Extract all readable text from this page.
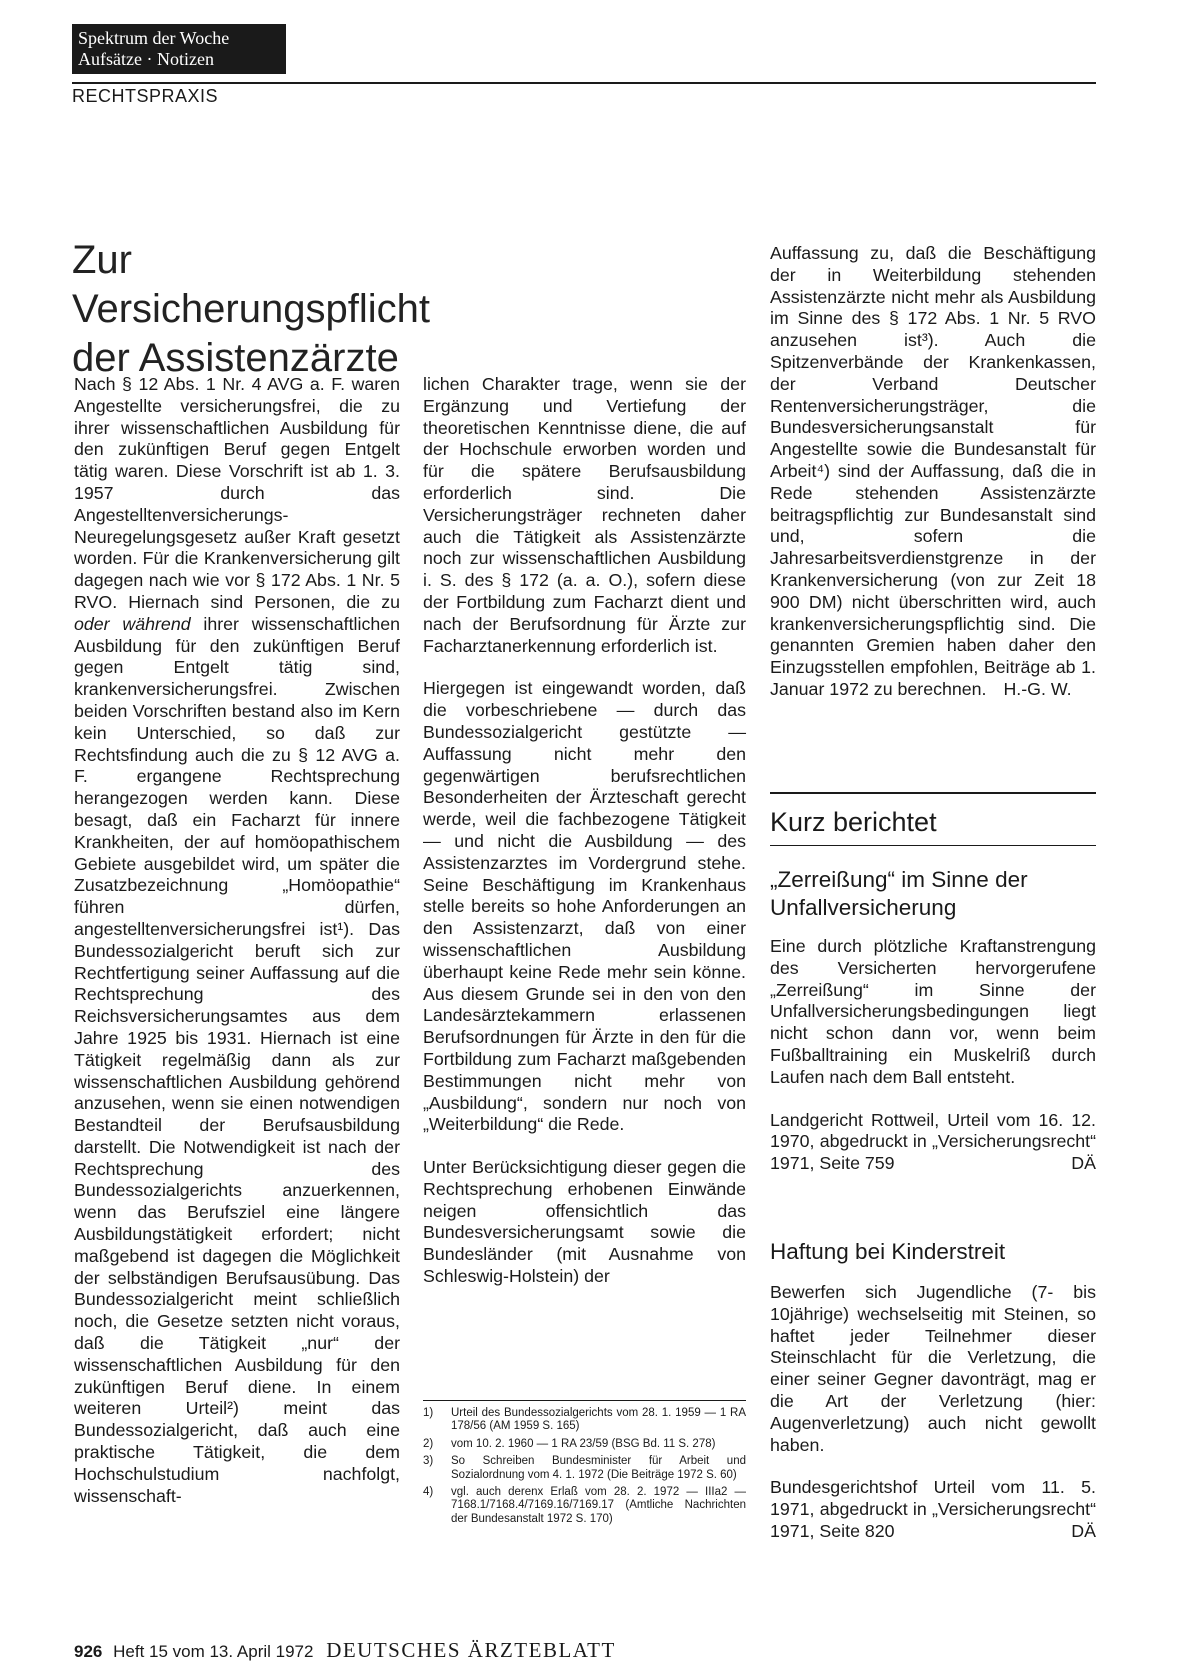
Spektrum der Woche
Aufsätze · Notizen
RECHTSPRAXIS
Zur Versicherungspflicht der Assistenzärzte

Nach § 12 Abs. 1 Nr. 4 AVG a. F. waren Angestellte versicherungsfrei, die zu ihrer wissenschaftlichen Ausbildung für den zukünftigen Beruf gegen Entgelt tätig waren. Diese Vorschrift ist ab 1. 3. 1957 durch das Angestelltenversicherungs-Neuregelungsgesetz außer Kraft gesetzt worden. Für die Krankenversicherung gilt dagegen nach wie vor § 172 Abs. 1 Nr. 5 RVO. Hiernach sind Personen, die zu oder während ihrer wissenschaftlichen Ausbildung für den zukünftigen Beruf gegen Entgelt tätig sind, krankenversicherungsfrei. Zwischen beiden Vorschriften bestand also im Kern kein Unterschied, so daß zur Rechtsfindung auch die zu § 12 AVG a. F. ergangene Rechtsprechung herangezogen werden kann. Diese besagt, daß ein Facharzt für innere Krankheiten, der auf homöopathischem Gebiete ausgebildet wird, um später die Zusatzbezeichnung „Homöopathie“ führen dürfen, angestelltenversicherungsfrei ist¹). Das Bundessozialgericht beruft sich zur Rechtfertigung seiner Auffassung auf die Rechtsprechung des Reichsversicherungsamtes aus dem Jahre 1925 bis 1931. Hiernach ist eine Tätigkeit regelmäßig dann als zur wissenschaftlichen Ausbildung gehörend anzusehen, wenn sie einen notwendigen Bestandteil der Berufsausbildung darstellt. Die Notwendigkeit ist nach der Rechtsprechung des Bundessozialgerichts anzuerkennen, wenn das Berufsziel eine längere Ausbildungstätigkeit erfordert; nicht maßgebend ist dagegen die Möglichkeit der selbständigen Berufsausübung. Das Bundessozialgericht meint schließlich noch, die Gesetze setzten nicht voraus, daß die Tätigkeit „nur“ der wissenschaftlichen Ausbildung für den zukünftigen Beruf diene. In einem weiteren Urteil²) meint das Bundessozialgericht, daß auch eine praktische Tätigkeit, die dem Hochschulstudium nachfolgt, wissenschaft-

lichen Charakter trage, wenn sie der Ergänzung und Vertiefung der theoretischen Kenntnisse diene, die auf der Hochschule erworben worden und für die spätere Berufsausbildung erforderlich sind. Die Versicherungsträger rechneten daher auch die Tätigkeit als Assistenzärzte noch zur wissenschaftlichen Ausbildung i. S. des § 172 (a. a. O.), sofern diese der Fortbildung zum Facharzt dient und nach der Berufsordnung für Ärzte zur Facharztanerkennung erforderlich ist.

Hiergegen ist eingewandt worden, daß die vorbeschriebene — durch das Bundessozialgericht gestützte — Auffassung nicht mehr den gegenwärtigen berufsrechtlichen Besonderheiten der Ärzteschaft gerecht werde, weil die fachbezogene Tätigkeit — und nicht die Ausbildung — des Assistenzarztes im Vordergrund stehe. Seine Beschäftigung im Krankenhaus stelle bereits so hohe Anforderungen an den Assistenzarzt, daß von einer wissenschaftlichen Ausbildung überhaupt keine Rede mehr sein könne. Aus diesem Grunde sei in den von den Landesärztekammern erlassenen Berufsordnungen für Ärzte in den für die Fortbildung zum Facharzt maßgebenden Bestimmungen nicht mehr von „Ausbildung“, sondern nur noch von „Weiterbildung“ die Rede.

Unter Berücksichtigung dieser gegen die Rechtsprechung erhobenen Einwände neigen offensichtlich das Bundesversicherungsamt sowie die Bundesländer (mit Ausnahme von Schleswig-Holstein) der

1)	Urteil des Bundessozialgerichts vom 28. 1. 1959 — 1 RA 178/56 (AM 1959 S. 165)
2)	vom 10. 2. 1960 — 1 RA 23/59 (BSG Bd. 11 S. 278)
3)	So Schreiben Bundesminister für Arbeit und Sozialordnung vom 4. 1. 1972 (Die Beiträge 1972 S. 60)
4)	vgl. auch derenx Erlaß vom 28. 2. 1972 — IIIa2 — 7168.1/7168.4/7169.16/7169.17 (Amtliche Nachrichten der Bundesanstalt 1972 S. 170)

Auffassung zu, daß die Beschäftigung der in Weiterbildung stehenden Assistenzärzte nicht mehr als Ausbildung im Sinne des § 172 Abs. 1 Nr. 5 RVO anzusehen ist³). Auch die Spitzenverbände der Krankenkassen, der Verband Deutscher Rentenversicherungsträger, die Bundesversicherungsanstalt für Angestellte sowie die Bundesanstalt für Arbeit⁴) sind der Auffassung, daß die in Rede stehenden Assistenzärzte beitragspflichtig zur Bundesanstalt sind und, sofern die Jahresarbeitsverdienstgrenze in der Krankenversicherung (von zur Zeit 18 900 DM) nicht überschritten wird, auch krankenversicherungspflichtig sind. Die genannten Gremien haben daher den Einzugsstellen empfohlen, Beiträge ab 1. Januar 1972 zu berechnen. H.-G. W.

Kurz berichtet
„Zerreißung“ im Sinne der Unfallversicherung

Eine durch plötzliche Kraftanstrengung des Versicherten hervorgerufene „Zerreißung“ im Sinne der Unfallversicherungsbedingungen liegt nicht schon dann vor, wenn beim Fußballtraining ein Muskelriß durch Laufen nach dem Ball entsteht.

Landgericht Rottweil, Urteil vom 16. 12. 1970, abgedruckt in „Versicherungsrecht“ 1971, Seite 759	DÄ

Haftung bei Kinderstreit

Bewerfen sich Jugendliche (7- bis 10jährige) wechselseitig mit Steinen, so haftet jeder Teilnehmer dieser Steinschlacht für die Verletzung, die einer seiner Gegner davonträgt, mag er die Art der Verletzung (hier: Augenverletzung) auch nicht gewollt haben.

Bundesgerichtshof Urteil vom 11. 5. 1971, abgedruckt in „Versicherungsrecht“ 1971, Seite 820	DÄ

926 Heft 15 vom 13. April 1972 DEUTSCHES ÄRZTEBLATT
